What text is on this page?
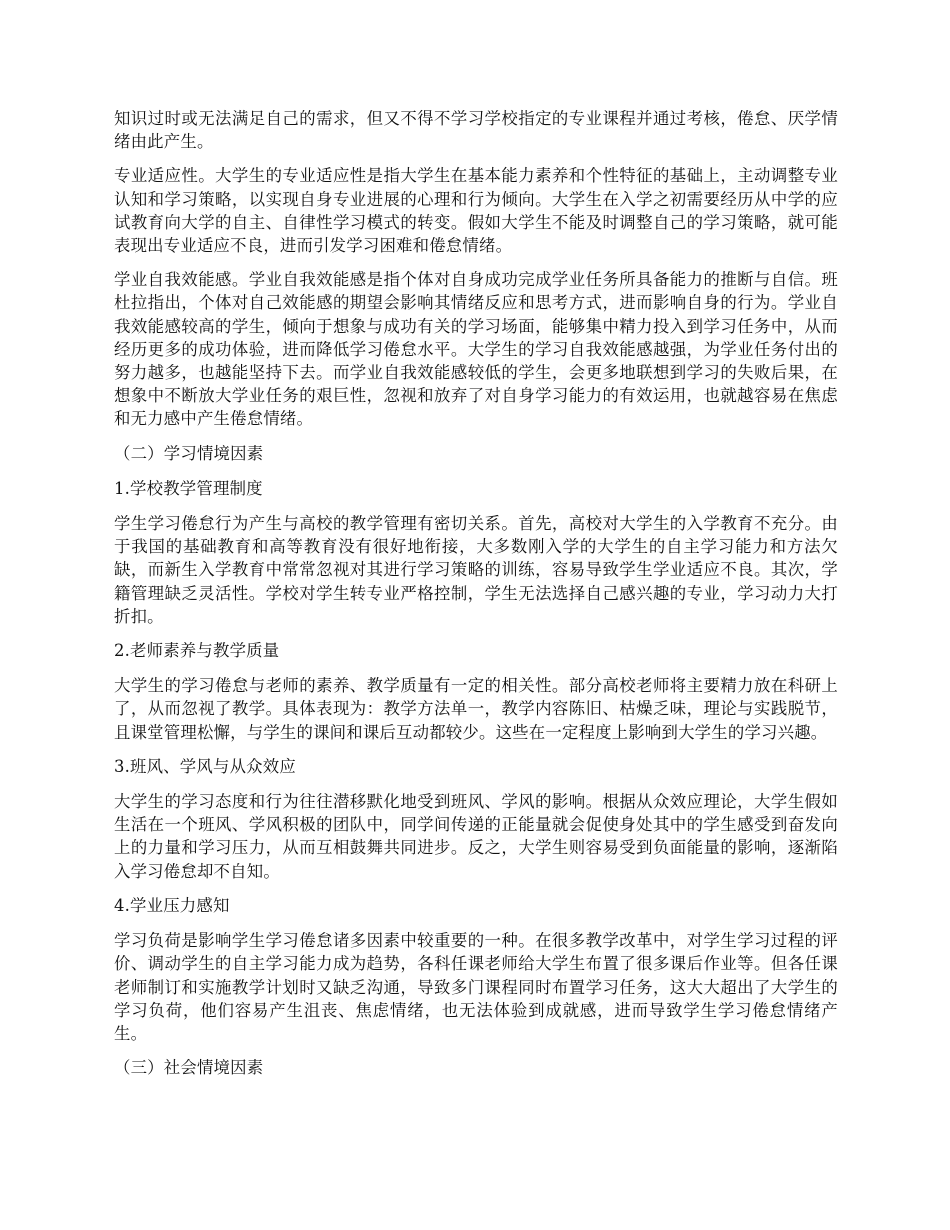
知识过时或无法满足自己的需求，但又不得不学习学校指定的专业课程并通过考核，倦怠、厌学情绪由此产生。

专业适应性。大学生的专业适应性是指大学生在基本能力素养和个性特征的基础上，主动调整专业认知和学习策略，以实现自身专业进展的心理和行为倾向。大学生在入学之初需要经历从中学的应试教育向大学的自主、自律性学习模式的转变。假如大学生不能及时调整自己的学习策略，就可能表现出专业适应不良，进而引发学习困难和倦怠情绪。

学业自我效能感。学业自我效能感是指个体对自身成功完成学业任务所具备能力的推断与自信。班杜拉指出，个体对自己效能感的期望会影响其情绪反应和思考方式，进而影响自身的行为。学业自我效能感较高的学生，倾向于想象与成功有关的学习场面，能够集中精力投入到学习任务中，从而经历更多的成功体验，进而降低学习倦怠水平。大学生的学习自我效能感越强，为学业任务付出的努力越多，也越能坚持下去。而学业自我效能感较低的学生，会更多地联想到学习的失败后果，在想象中不断放大学业任务的艰巨性，忽视和放弃了对自身学习能力的有效运用，也就越容易在焦虑和无力感中产生倦怠情绪。

（二）学习情境因素

1.学校教学管理制度

学生学习倦怠行为产生与高校的教学管理有密切关系。首先，高校对大学生的入学教育不充分。由于我国的基础教育和高等教育没有很好地衔接，大多数刚入学的大学生的自主学习能力和方法欠缺，而新生入学教育中常常忽视对其进行学习策略的训练，容易导致学生学业适应不良。其次，学籍管理缺乏灵活性。学校对学生转专业严格控制，学生无法选择自己感兴趣的专业，学习动力大打折扣。

2.老师素养与教学质量

大学生的学习倦怠与老师的素养、教学质量有一定的相关性。部分高校老师将主要精力放在科研上了，从而忽视了教学。具体表现为：教学方法单一，教学内容陈旧、枯燥乏味，理论与实践脱节，且课堂管理松懈，与学生的课间和课后互动都较少。这些在一定程度上影响到大学生的学习兴趣。

3.班风、学风与从众效应

大学生的学习态度和行为往往潜移默化地受到班风、学风的影响。根据从众效应理论，大学生假如生活在一个班风、学风积极的团队中，同学间传递的正能量就会促使身处其中的学生感受到奋发向上的力量和学习压力，从而互相鼓舞共同进步。反之，大学生则容易受到负面能量的影响，逐渐陷入学习倦怠却不自知。

4.学业压力感知

学习负荷是影响学生学习倦怠诸多因素中较重要的一种。在很多教学改革中，对学生学习过程的评价、调动学生的自主学习能力成为趋势，各科任课老师给大学生布置了很多课后作业等。但各任课老师制订和实施教学计划时又缺乏沟通，导致多门课程同时布置学习任务，这大大超出了大学生的学习负荷，他们容易产生沮丧、焦虑情绪，也无法体验到成就感，进而导致学生学习倦怠情绪产生。

（三）社会情境因素
